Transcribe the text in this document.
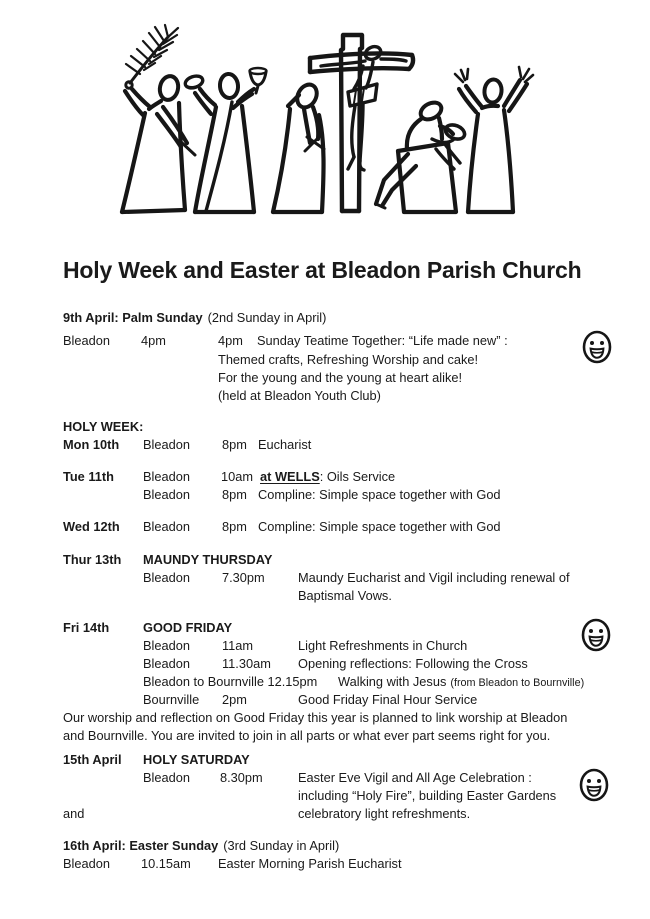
Holy Week and Easter at Bleadon Parish Church
9th April: Palm Sunday (2nd Sunday in April)
Bleadon 4pm	4pm Sunday Teatime Together: “Life made new” :
Themed crafts, Refreshing Worship and cake!
For the young and the young at heart alike!
(held at Bleadon Youth Club)
HOLY WEEK:
Mon 10th Bleadon	8pm Eucharist
Tue 11th Bleadon 10am at WELLS: Oils Service
Bleadon	8pm Compline: Simple space together with God
Wed 12th Bleadon	8pm Compline: Simple space together with God
Thur 13th MAUNDY THURSDAY
Bleadon	7.30pm	Maundy Eucharist and Vigil including renewal of
Baptismal Vows.
Fri 14th	GOOD FRIDAY
Bleadon	11am	Light Refreshments in Church
Bleadon	11.30am Opening reflections: Following the Cross
Bleadon to Bournville 12.15pm Walking with Jesus (from Bleadon to Bournville)
Bournville 2pm	Good Friday Final Hour Service
Our worship and reflection on Good Friday this year is planned to link worship at Bleadon
and Bournville. You are invited to join in all parts or what ever part seems right for you.
15th April HOLY SATURDAY
Bleadon 8.30pm	Easter Eve Vigil and All Age Celebration :
including “Holy Fire”, building Easter Gardens
and	celebratory light refreshments.
16th April: Easter Sunday (3rd Sunday in April)
Bleadon 10.15am Easter Morning Parish Eucharist
